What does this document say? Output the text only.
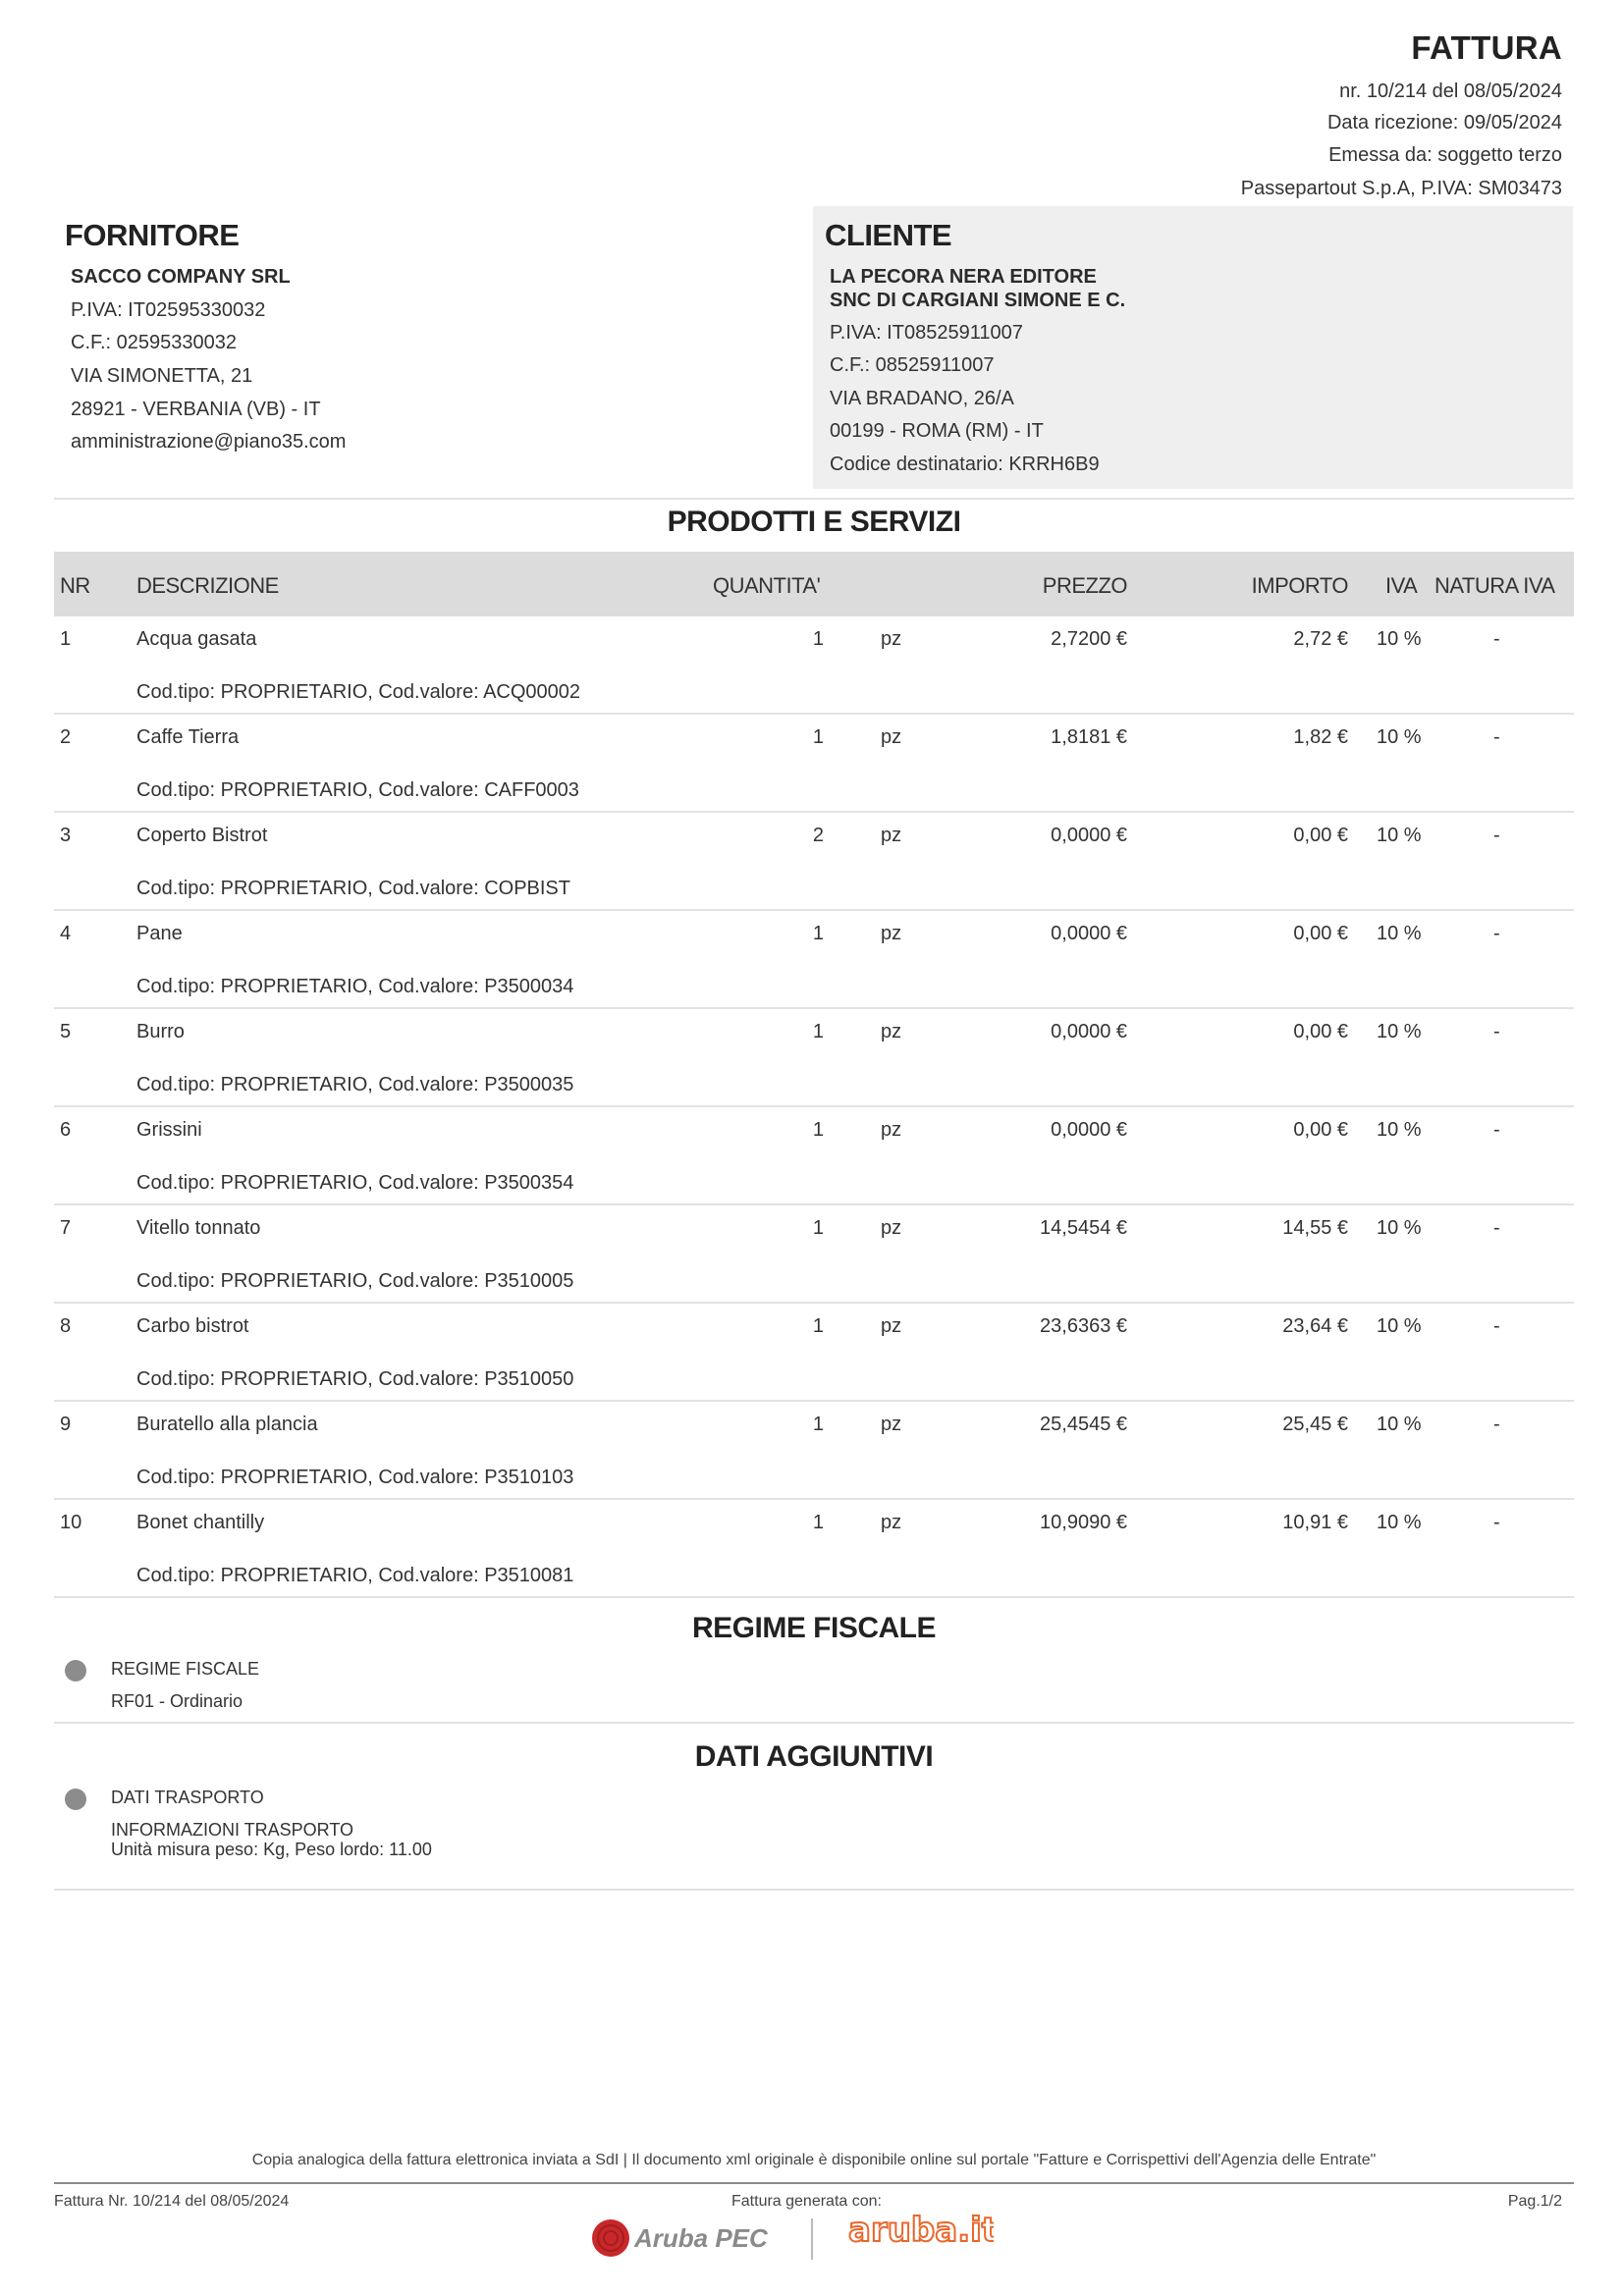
FATTURA
nr. 10/214 del 08/05/2024
Data ricezione: 09/05/2024
Emessa da: soggetto terzo
Passepartout S.p.A, P.IVA: SM03473
FORNITORE
SACCO COMPANY SRL
P.IVA: IT02595330032
C.F.: 02595330032
VIA SIMONETTA, 21
28921 - VERBANIA (VB) - IT
amministrazione@piano35.com
CLIENTE
LA PECORA NERA EDITORE
SNC DI CARGIANI SIMONE E C.
P.IVA: IT08525911007
C.F.: 08525911007
VIA BRADANO, 26/A
00199 - ROMA (RM) - IT
Codice destinatario: KRRH6B9
PRODOTTI E SERVIZI
NR DESCRIZIONE	QUANTITA'	PREZZO	IMPORTO IVA NATURA IVA
1	Acqua gasata	1	pz	2,7200 €	2,72 € 10 %	-
Cod.tipo: PROPRIETARIO, Cod.valore: ACQ00002
2	Caffe Tierra	1	pz	1,8181 €	1,82 € 10 %	-
Cod.tipo: PROPRIETARIO, Cod.valore: CAFF0003
3	Coperto Bistrot	2	pz	0,0000 €	0,00 € 10 %	-
Cod.tipo: PROPRIETARIO, Cod.valore: COPBIST
4	Pane	1	pz	0,0000 €	0,00 € 10 %	-
Cod.tipo: PROPRIETARIO, Cod.valore: P3500034
5	Burro	1	pz	0,0000 €	0,00 € 10 %	-
Cod.tipo: PROPRIETARIO, Cod.valore: P3500035
6	Grissini	1	pz	0,0000 €	0,00 € 10 %	-
Cod.tipo: PROPRIETARIO, Cod.valore: P3500354
7	Vitello tonnato	1	pz	14,5454 €	14,55 € 10 %	-
Cod.tipo: PROPRIETARIO, Cod.valore: P3510005
8	Carbo bistrot	1	pz	23,6363 €	23,64 € 10 %	-
Cod.tipo: PROPRIETARIO, Cod.valore: P3510050
9	Buratello alla plancia	1	pz	25,4545 €	25,45 € 10 %	-
Cod.tipo: PROPRIETARIO, Cod.valore: P3510103
10	Bonet chantilly	1	pz	10,9090 €	10,91 € 10 %	-
Cod.tipo: PROPRIETARIO, Cod.valore: P3510081
REGIME FISCALE
REGIME FISCALE
RF01 - Ordinario
DATI AGGIUNTIVI
DATI TRASPORTO
INFORMAZIONI TRASPORTO
Unità misura peso: Kg, Peso lordo: 11.00
Copia analogica della fattura elettronica inviata a SdI | Il documento xml originale è disponibile online sul portale "Fatture e Corrispettivi dell'Agenzia delle Entrate"
Fattura Nr. 10/214 del 08/05/2024	Fattura generata con:	Pag.1/2
Aruba PEC aruba.it
